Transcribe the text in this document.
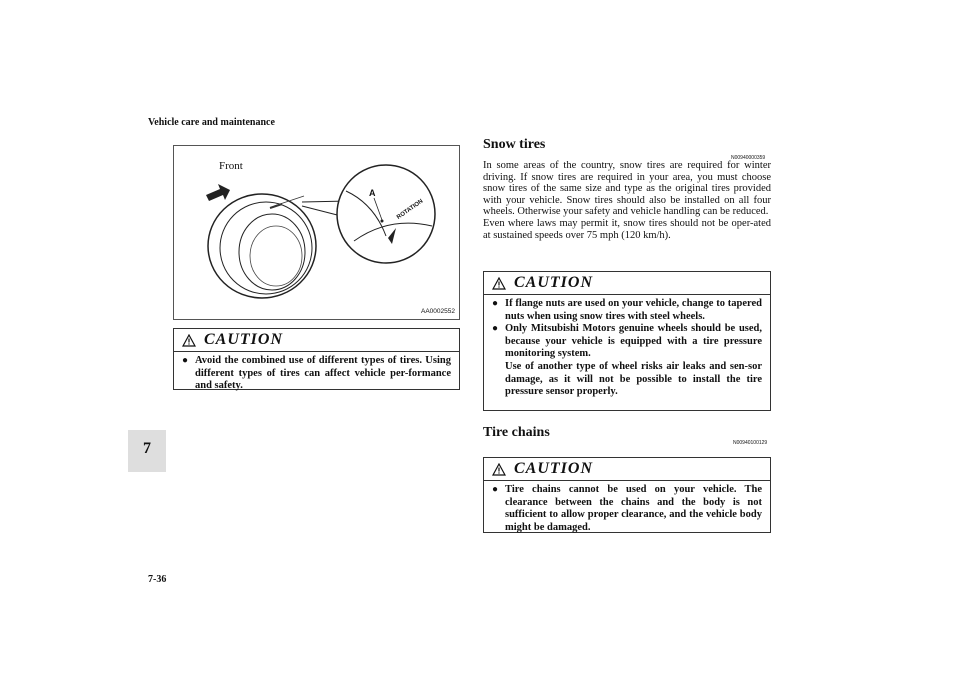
Vehicle care and maintenance
7
7-36
Front
A
ROTATION
AA0002552
CAUTION
● Avoid the combined use of different types of tires. Using different types of tires can affect vehicle per-formance and safety.
Snow tires
N00940000359

In some areas of the country, snow tires are required for winter driving. If snow tires are required in your area, you must choose snow tires of the same size and type as the original tires provided with your vehicle. Snow tires should also be installed on all four wheels. Otherwise your safety and vehicle handling can be reduced.

Even where laws may permit it, snow tires should not be oper-ated at sustained speeds over 75 mph (120 km/h).

CAUTION
● If flange nuts are used on your vehicle, change to tapered nuts when using snow tires with steel wheels.
● Only Mitsubishi Motors genuine wheels should be used, because your vehicle is equipped with a tire pressure monitoring system.
Use of another type of wheel risks air leaks and sen-sor damage, as it will not be possible to install the tire pressure sensor properly.
Tire chains
N00940100129
CAUTION
● Tire chains cannot be used on your vehicle. The clearance between the chains and the body is not sufficient to allow proper clearance, and the vehicle body might be damaged.
